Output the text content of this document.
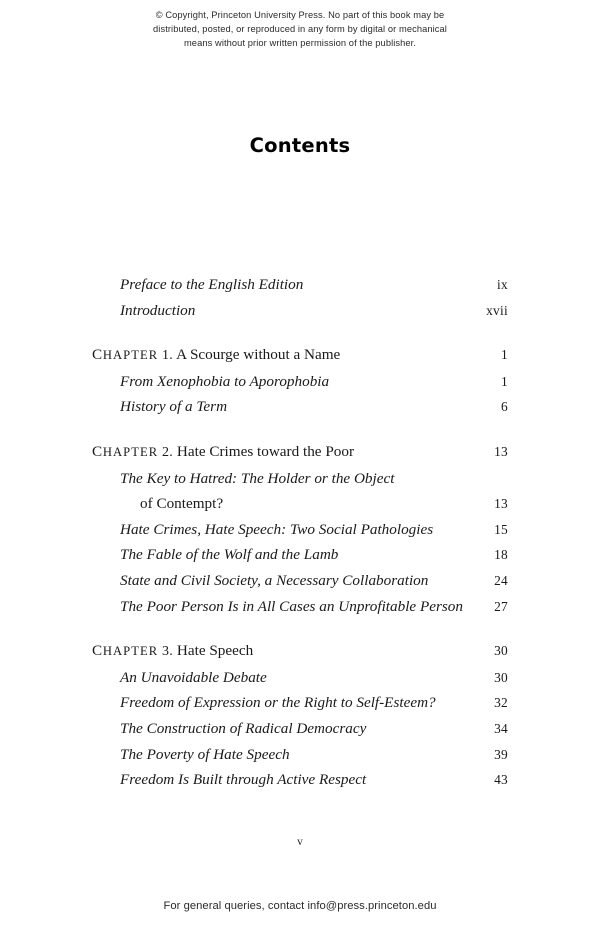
© Copyright, Princeton University Press. No part of this book may be
distributed, posted, or reproduced in any form by digital or mechanical
means without prior written permission of the publisher.
Contents
Preface to the English Edition	ix
Introduction	xvii
CHAPTER 1. A Scourge without a Name	1
From Xenophobia to Aporophobia	1
History of a Term	6
CHAPTER 2. Hate Crimes toward the Poor	13
The Key to Hatred: The Holder or the Object
of Contempt?	13
Hate Crimes, Hate Speech: Two Social Pathologies	15
The Fable of the Wolf and the Lamb	18
State and Civil Society, a Necessary Collaboration	24
The Poor Person Is in All Cases an Unprofitable Person 27
CHAPTER 3. Hate Speech	30
An Unavoidable Debate	30
Freedom of Expression or the Right to Self-Esteem?	32
The Construction of Radical Democracy	34
The Poverty of Hate Speech	39
Freedom Is Built through Active Respect	43
v
For general queries, contact info@press.princeton.edu
